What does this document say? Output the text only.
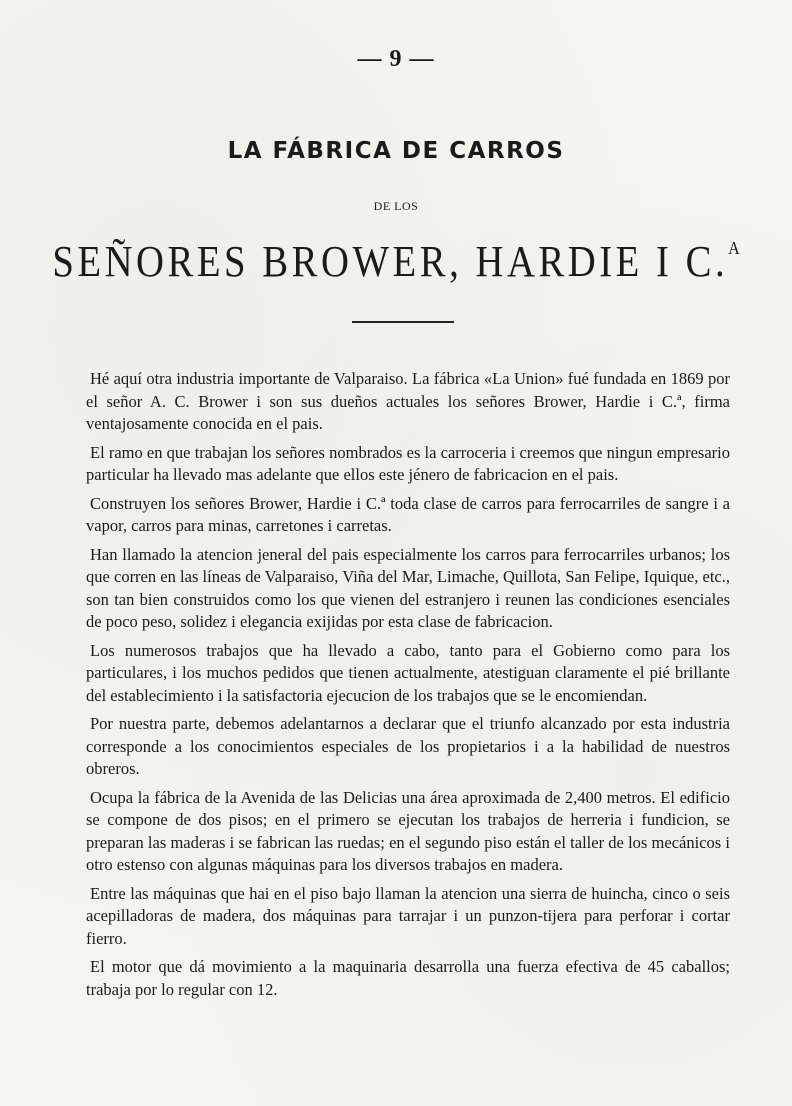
— 9 —
LA FÁBRICA DE CARROS
DE LOS
SEÑORES BROWER, HARDIE I C.$^A$

Hé aquí otra industria importante de Valparaiso. La fábrica «La Union» fué fundada en 1869 por el señor A. C. Brower i son sus dueños actuales los señores Brower, Hardie i C.ª, firma ventajosamente conocida en el pais.

El ramo en que trabajan los señores nombrados es la carroceria i creemos que ningun empresario particular ha llevado mas adelante que ellos este jénero de fabricacion en el pais.

Construyen los señores Brower, Hardie i C.ª toda clase de carros para ferrocarriles de sangre i a vapor, carros para minas, carretones i carretas.

Han llamado la atencion jeneral del pais especialmente los carros para ferrocarriles urbanos; los que corren en las líneas de Valparaiso, Viña del Mar, Limache, Quillota, San Felipe, Iquique, etc., son tan bien construidos como los que vienen del estranjero i reunen las condiciones esenciales de poco peso, solidez i elegancia exijidas por esta clase de fabricacion.

Los numerosos trabajos que ha llevado a cabo, tanto para el Gobierno como para los particulares, i los muchos pedidos que tienen actualmente, atestiguan claramente el pié brillante del establecimiento i la satisfactoria ejecucion de los trabajos que se le encomiendan.

Por nuestra parte, debemos adelantarnos a declarar que el triunfo alcanzado por esta industria corresponde a los conocimientos especiales de los propietarios i a la habilidad de nuestros obreros.

Ocupa la fábrica de la Avenida de las Delicias una área aproximada de 2,400 metros. El edificio se compone de dos pisos; en el primero se ejecutan los trabajos de herreria i fundicion, se preparan las maderas i se fabrican las ruedas; en el segundo piso están el taller de los mecánicos i otro estenso con algunas máquinas para los diversos trabajos en madera.

Entre las máquinas que hai en el piso bajo llaman la atencion una sierra de huincha, cinco o seis acepilladoras de madera, dos máquinas para tarrajar i un punzon-tijera para perforar i cortar fierro.

El motor que dá movimiento a la maquinaria desarrolla una fuerza efectiva de 45 caballos; trabaja por lo regular con 12.
